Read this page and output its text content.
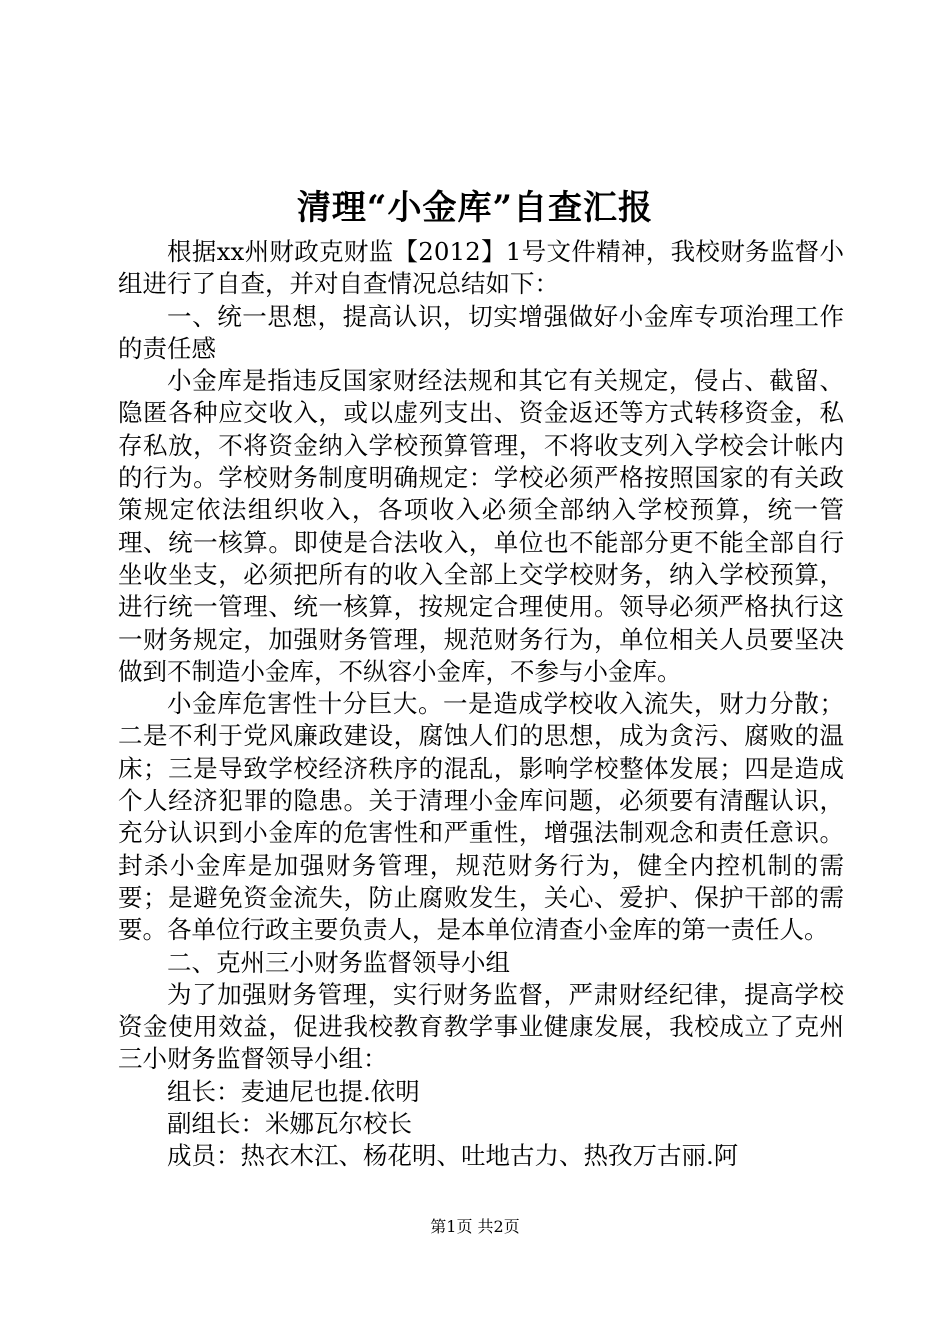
清理“小金库”自查汇报

根据xx州财政克财监【2012】1号文件精神，我校财务监督小组进行了自查，并对自查情况总结如下：

一、统一思想，提高认识，切实增强做好小金库专项治理工作的责任感

小金库是指违反国家财经法规和其它有关规定，侵占、截留、隐匿各种应交收入，或以虚列支出、资金返还等方式转移资金，私存私放，不将资金纳入学校预算管理，不将收支列入学校会计帐内的行为。学校财务制度明确规定：学校必须严格按照国家的有关政策规定依法组织收入，各项收入必须全部纳入学校预算，统一管理、统一核算。即使是合法收入，单位也不能部分更不能全部自行坐收坐支，必须把所有的收入全部上交学校财务，纳入学校预算，进行统一管理、统一核算，按规定合理使用。领导必须严格执行这一财务规定，加强财务管理，规范财务行为，单位相关人员要坚决做到不制造小金库，不纵容小金库，不参与小金库。

小金库危害性十分巨大。一是造成学校收入流失，财力分散；二是不利于党风廉政建设，腐蚀人们的思想，成为贪污、腐败的温床；三是导致学校经济秩序的混乱，影响学校整体发展；四是造成个人经济犯罪的隐患。关于清理小金库问题，必须要有清醒认识，充分认识到小金库的危害性和严重性，增强法制观念和责任意识。封杀小金库是加强财务管理，规范财务行为，健全内控机制的需要；是避免资金流失，防止腐败发生，关心、爱护、保护干部的需要。各单位行政主要负责人，是本单位清查小金库的第一责任人。

二、克州三小财务监督领导小组

为了加强财务管理，实行财务监督，严肃财经纪律，提高学校资金使用效益，促进我校教育教学事业健康发展，我校成立了克州三小财务监督领导小组：

组长：麦迪尼也提.依明

副组长：米娜瓦尔校长

成员：热衣木江、杨花明、吐地古力、热孜万古丽.阿

第1页 共2页
